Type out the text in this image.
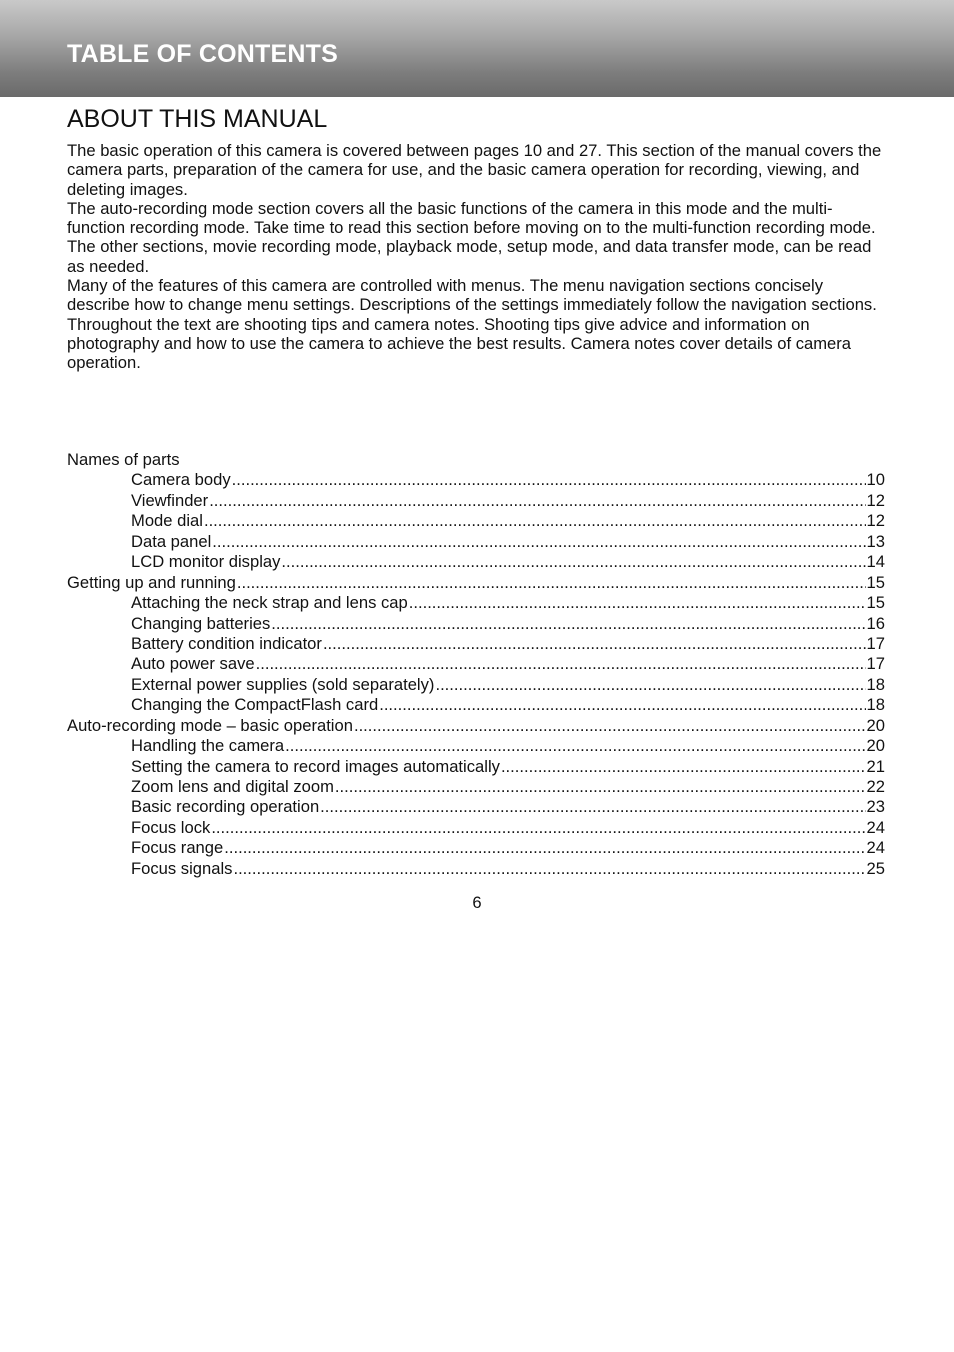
TABLE OF CONTENTS
ABOUT THIS MANUAL

The basic operation of this camera is covered between pages 10 and 27. This section of the manual covers the camera parts, preparation of the camera for use, and the basic camera operation for recording, viewing, and deleting images.

The auto-recording mode section covers all the basic functions of the camera in this mode and the multi-function recording mode. Take time to read this section before moving on to the multi-function recording mode. The other sections, movie recording mode, playback mode, setup mode, and data transfer mode, can be read as needed.

Many of the features of this camera are controlled with menus. The menu navigation sections concisely describe how to change menu settings. Descriptions of the settings immediately follow the navigation sections.

Throughout the text are shooting tips and camera notes. Shooting tips give advice and information on photography and how to use the camera to achieve the best results. Camera notes cover details of camera operation.

Names of parts
Camera body .....	10
Viewfinder .....	12
Mode dial .....	12
Data panel .....	13
LCD monitor display .....	14
Getting up and running .....	15
Attaching the neck strap and lens cap .....	15
Changing batteries .....	16
Battery condition indicator .....	17
Auto power save .....	17
External power supplies (sold separately) .....	18
Changing the CompactFlash card .....	18
Auto-recording mode – basic operation .....	20
Handling the camera .....	20
Setting the camera to record images automatically .....	21
Zoom lens and digital zoom .....	22
Basic recording operation .....	23
Focus lock .....	24
Focus range .....	24
Focus signals .....	25
6
